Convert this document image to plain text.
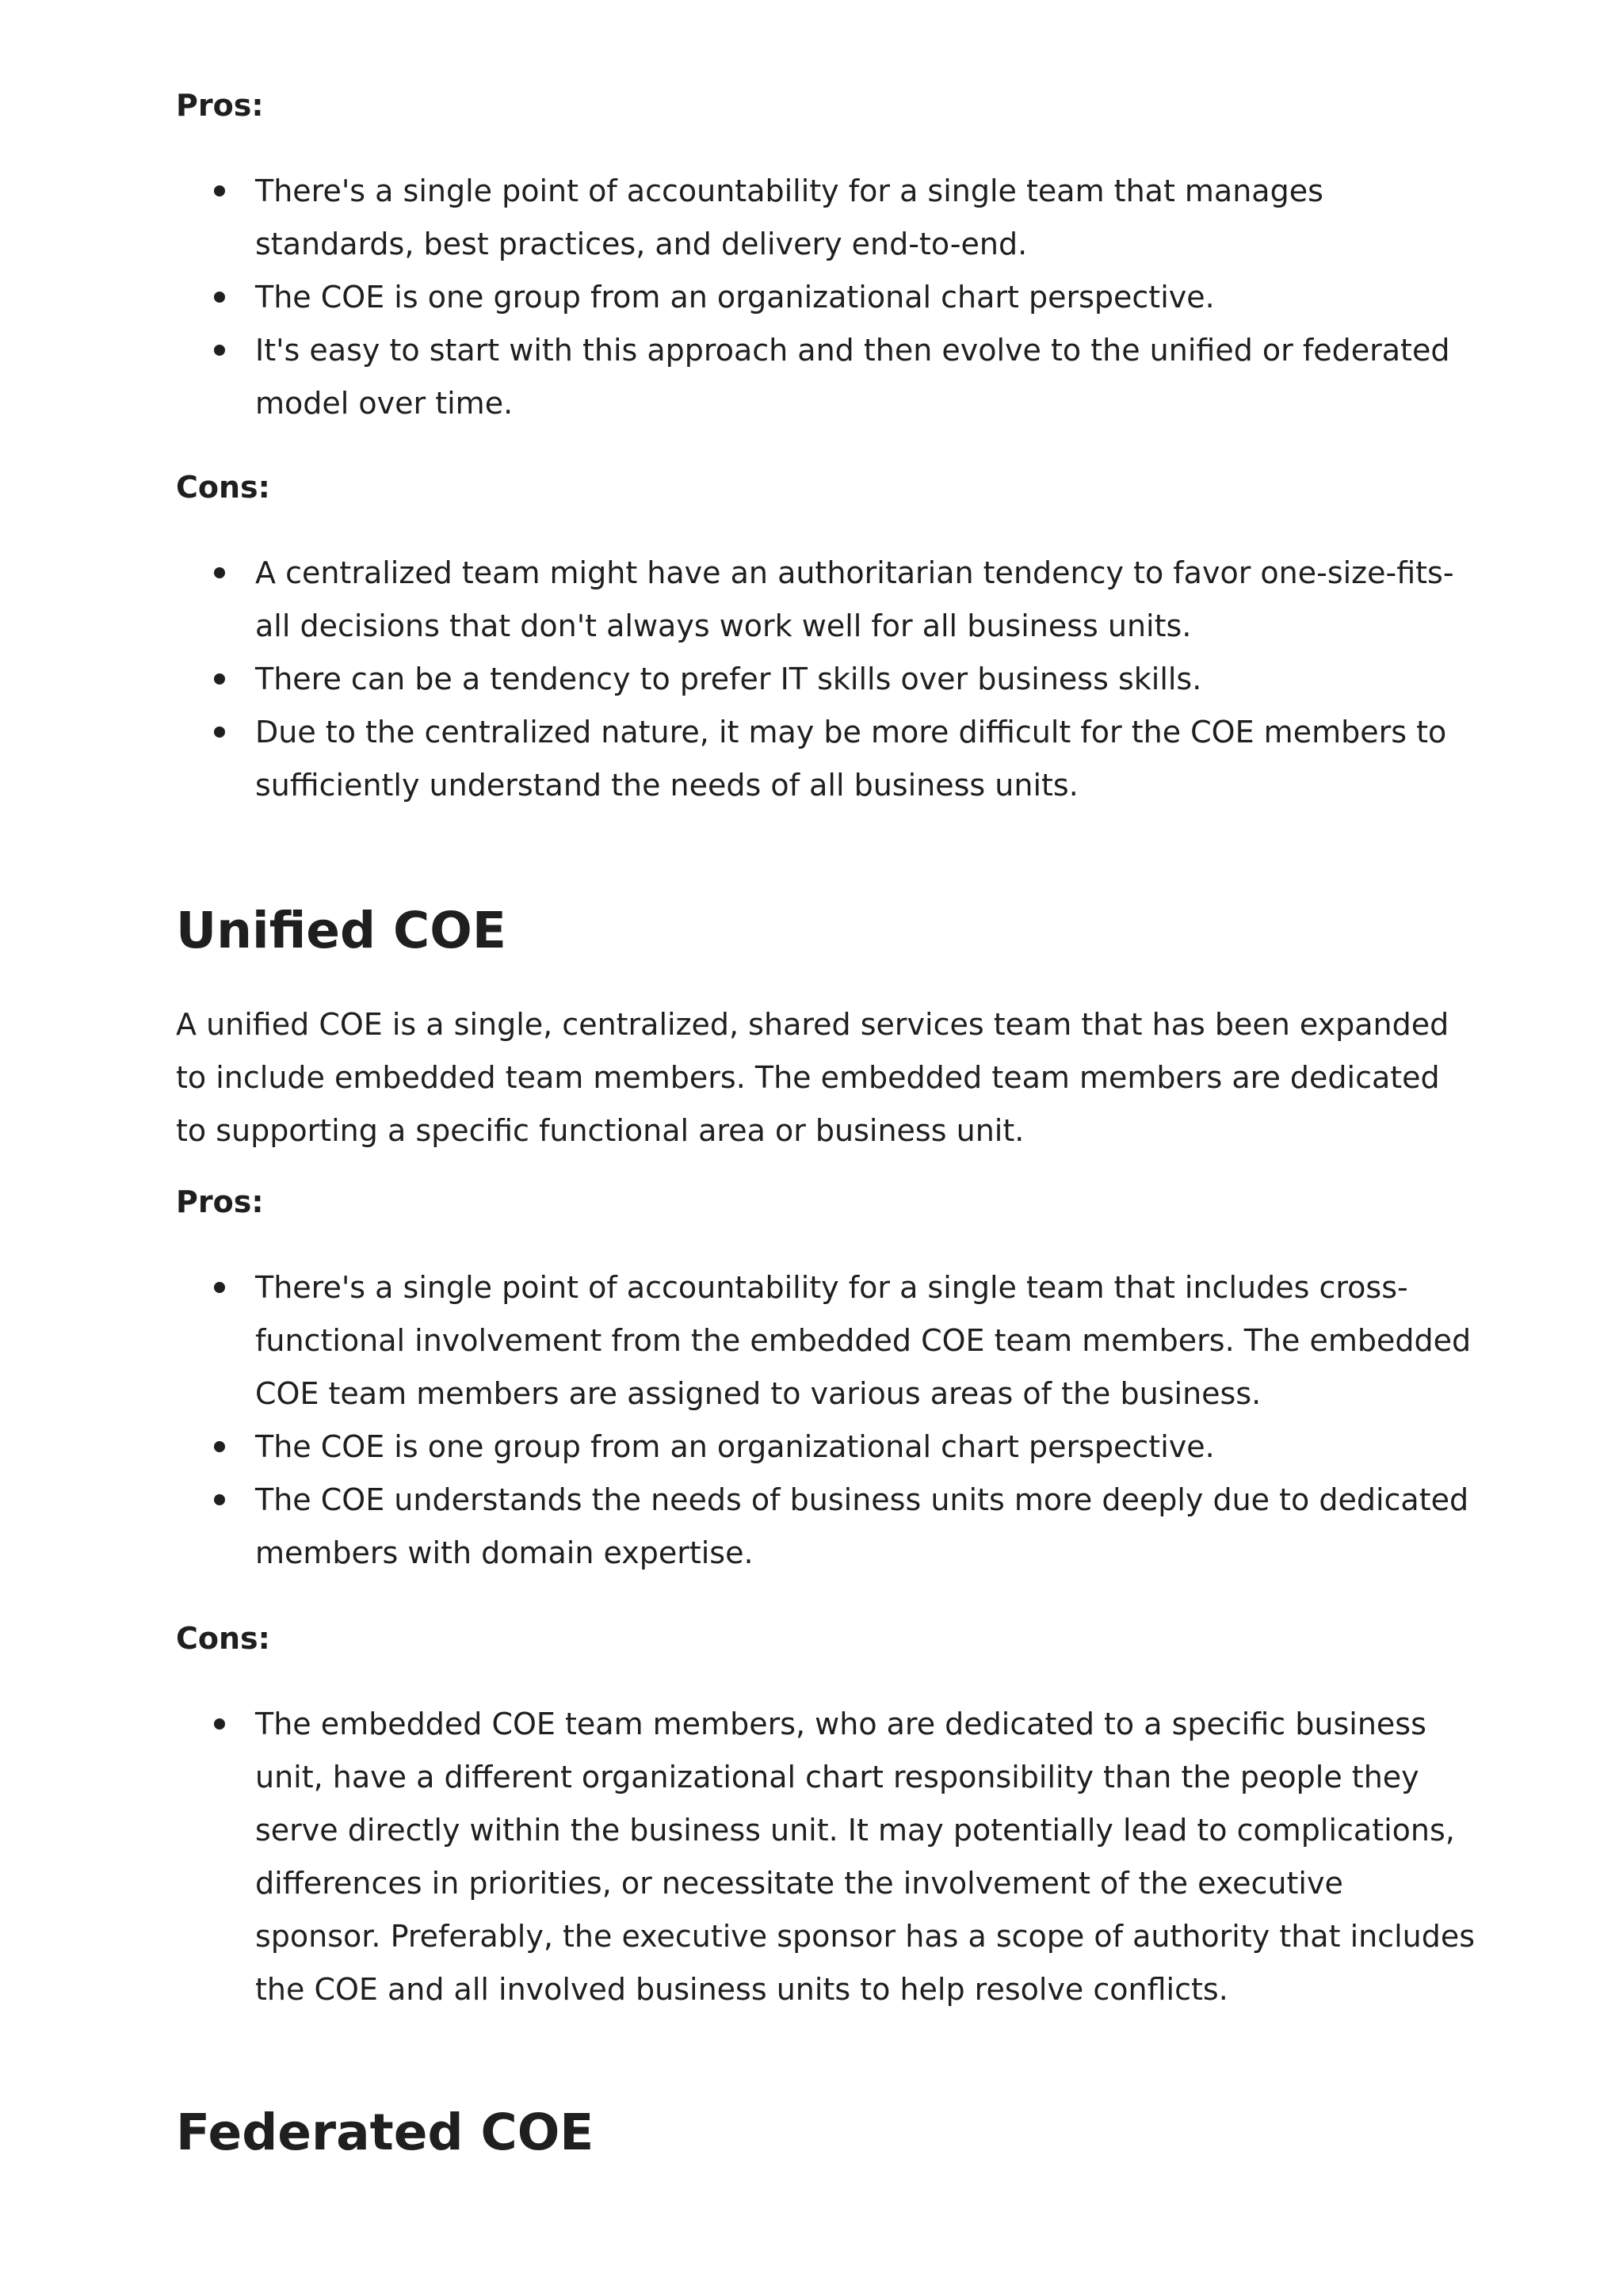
Pros:

There's a single point of accountability for a single team that manages standards, best practices, and delivery end-to-end.
The COE is one group from an organizational chart perspective.
It's easy to start with this approach and then evolve to the unified or federated model over time.

Cons:

A centralized team might have an authoritarian tendency to favor one-size-fits-all decisions that don't always work well for all business units.
There can be a tendency to prefer IT skills over business skills.
Due to the centralized nature, it may be more difficult for the COE members to sufficiently understand the needs of all business units.
Unified COE

A unified COE is a single, centralized, shared services team that has been expanded to include embedded team members. The embedded team members are dedicated to supporting a specific functional area or business unit.

Pros:

There's a single point of accountability for a single team that includes cross-functional involvement from the embedded COE team members. The embedded COE team members are assigned to various areas of the business.
The COE is one group from an organizational chart perspective.
The COE understands the needs of business units more deeply due to dedicated members with domain expertise.

Cons:

The embedded COE team members, who are dedicated to a specific business unit, have a different organizational chart responsibility than the people they serve directly within the business unit. It may potentially lead to complications, differences in priorities, or necessitate the involvement of the executive sponsor. Preferably, the executive sponsor has a scope of authority that includes the COE and all involved business units to help resolve conflicts.
Federated COE
